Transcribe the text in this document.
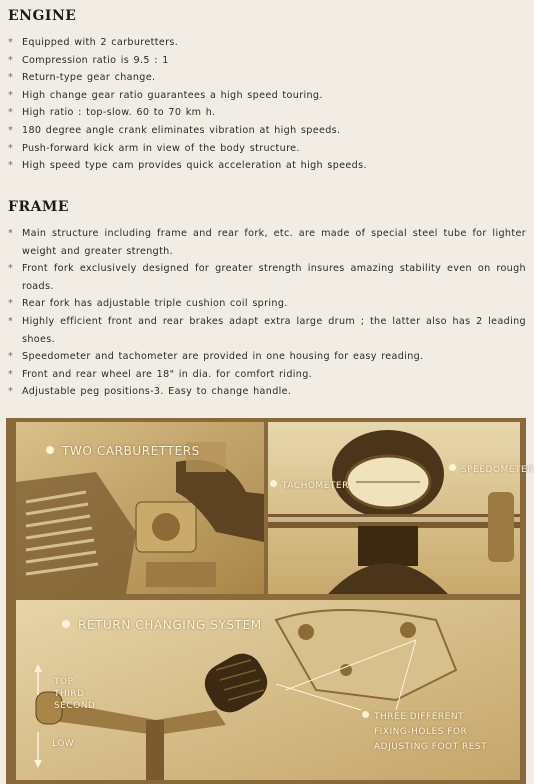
ENGINE
* Equipped with 2 carburetters.
* Compression ratio is 9.5 : 1
* Return-type gear change.
* High change gear ratio guarantees a high speed touring.
* High ratio : top-slow. 60 to 70 km h.
* 180 degree angle crank eliminates vibration at high speeds.
* Push-forward kick arm in view of the body structure.
* High speed type cam provides quick acceleration at high speeds.
FRAME
* Main structure including frame and rear fork, etc. are made of special steel tube for lighter weight and greater strength.
* Front fork exclusively designed for greater strength insures amazing stability even on rough roads.
* Rear fork has adjustable triple cushion coil spring.
* Highly efficient front and rear brakes adapt extra large drum ; the latter also has 2 leading shoes.
* Speedometer and tachometer are provided in one housing for easy reading.
* Front and rear wheel are 18" in dia. for comfort riding.
* Adjustable peg positions-3. Easy to change handle.
TWO CARBURETTERS
TACHOMETER
SPEEDOMETER
RETURN CHANGING SYSTEM
TOP
THIRD
SECOND
LOW
THREE DIFFERENT
FIXING-HOLES FOR
ADJUSTING FOOT REST
